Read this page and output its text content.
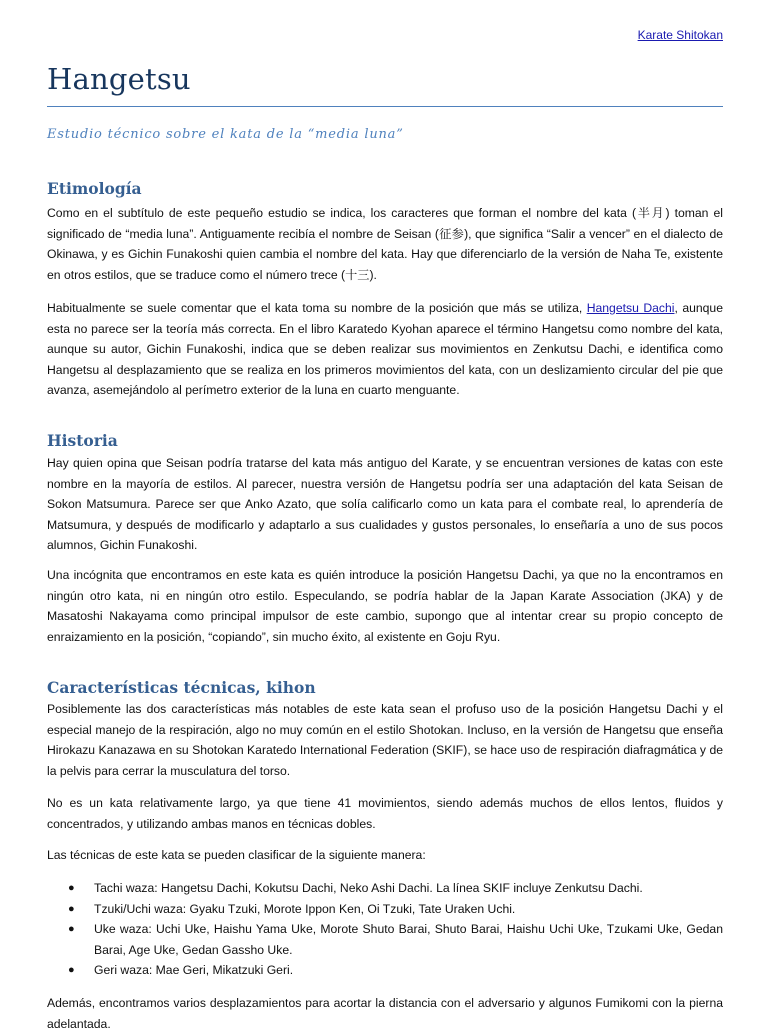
Karate Shitokan
Hangetsu
Estudio técnico sobre el kata de la “media luna”
Etimología

Como en el subtítulo de este pequeño estudio se indica, los caracteres que forman el nombre del kata (半月) toman el significado de “media luna”. Antiguamente recibía el nombre de Seisan (征参), que significa “Salir a vencer” en el dialecto de Okinawa, y es Gichin Funakoshi quien cambia el nombre del kata. Hay que diferenciarlo de la versión de Naha Te, existente en otros estilos, que se traduce como el número trece (十三).

Habitualmente se suele comentar que el kata toma su nombre de la posición que más se utiliza, Hangetsu Dachi, aunque esta no parece ser la teoría más correcta. En el libro Karatedo Kyohan aparece el término Hangetsu como nombre del kata, aunque su autor, Gichin Funakoshi, indica que se deben realizar sus movimientos en Zenkutsu Dachi, e identifica como Hangetsu al desplazamiento que se realiza en los primeros movimientos del kata, con un deslizamiento circular del pie que avanza, asemejándolo al perímetro exterior de la luna en cuarto menguante.

Historia

Hay quien opina que Seisan podría tratarse del kata más antiguo del Karate, y se encuentran versiones de katas con este nombre en la mayoría de estilos. Al parecer, nuestra versión de Hangetsu podría ser una adaptación del kata Seisan de Sokon Matsumura. Parece ser que Anko Azato, que solía calificarlo como un kata para el combate real, lo aprendería de Matsumura, y después de modificarlo y adaptarlo a sus cualidades y gustos personales, lo enseñaría a uno de sus pocos alumnos, Gichin Funakoshi.

Una incógnita que encontramos en este kata es quién introduce la posición Hangetsu Dachi, ya que no la encontramos en ningún otro kata, ni en ningún otro estilo. Especulando, se podría hablar de la Japan Karate Association (JKA) y de Masatoshi Nakayama como principal impulsor de este cambio, supongo que al intentar crear su propio concepto de enraizamiento en la posición, “copiando”, sin mucho éxito, al existente en Goju Ryu.

Características técnicas, kihon

Posiblemente las dos características más notables de este kata sean el profuso uso de la posición Hangetsu Dachi y el especial manejo de la respiración, algo no muy común en el estilo Shotokan. Incluso, en la versión de Hangetsu que enseña Hirokazu Kanazawa en su Shotokan Karatedo International Federation (SKIF), se hace uso de respiración diafragmática y de la pelvis para cerrar la musculatura del torso.

No es un kata relativamente largo, ya que tiene 41 movimientos, siendo además muchos de ellos lentos, fluidos y concentrados, y utilizando ambas manos en técnicas dobles.

Las técnicas de este kata se pueden clasificar de la siguiente manera:

● Tachi waza: Hangetsu Dachi, Kokutsu Dachi, Neko Ashi Dachi. La línea SKIF incluye Zenkutsu Dachi.
● Tzuki/Uchi waza: Gyaku Tzuki, Morote Ippon Ken, Oi Tzuki, Tate Uraken Uchi.
● Uke waza: Uchi Uke, Haishu Yama Uke, Morote Shuto Barai, Shuto Barai, Haishu Uchi Uke, Tzukami Uke, Gedan Barai, Age Uke, Gedan Gassho Uke.
● Geri waza: Mae Geri, Mikatzuki Geri.

Además, encontramos varios desplazamientos para acortar la distancia con el adversario y algunos Fumikomi con la pierna adelantada.
